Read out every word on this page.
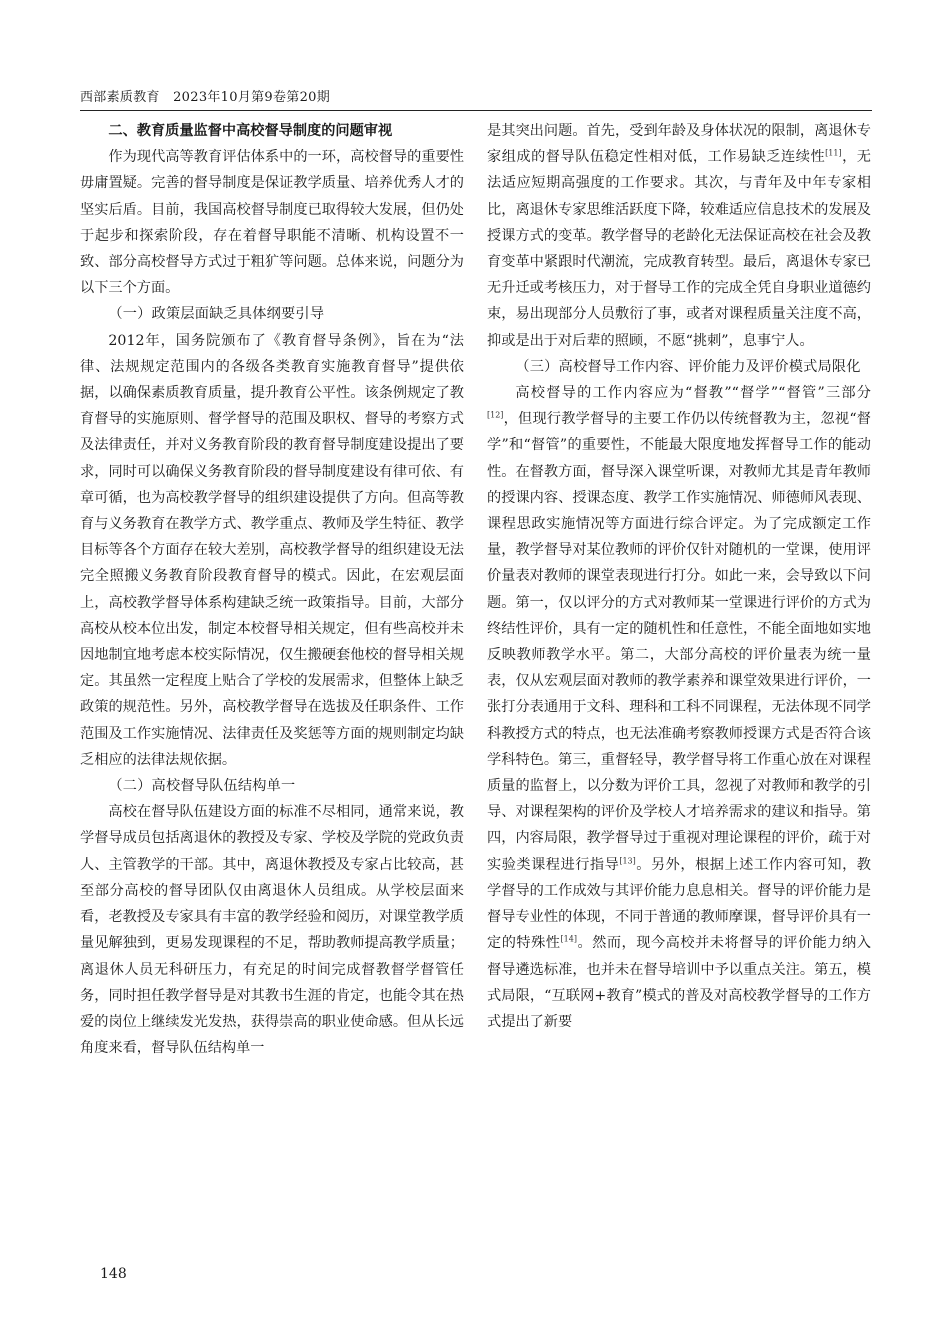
西部素质教育　2023年10月第9卷第20期
二、教育质量监督中高校督导制度的问题审视

作为现代高等教育评估体系中的一环，高校督导的重要性毋庸置疑。完善的督导制度是保证教学质量、培养优秀人才的坚实后盾。目前，我国高校督导制度已取得较大发展，但仍处于起步和探索阶段，存在着督导职能不清晰、机构设置不一致、部分高校督导方式过于粗犷等问题。总体来说，问题分为以下三个方面。

（一）政策层面缺乏具体纲要引导

2012年，国务院颁布了《教育督导条例》，旨在为“法律、法规规定范围内的各级各类教育实施教育督导”提供依据，以确保素质教育质量，提升教育公平性。该条例规定了教育督导的实施原则、督学督导的范围及职权、督导的考察方式及法律责任，并对义务教育阶段的教育督导制度建设提出了要求，同时可以确保义务教育阶段的督导制度建设有律可依、有章可循，也为高校教学督导的组织建设提供了方向。但高等教育与义务教育在教学方式、教学重点、教师及学生特征、教学目标等各个方面存在较大差别，高校教学督导的组织建设无法完全照搬义务教育阶段教育督导的模式。因此，在宏观层面上，高校教学督导体系构建缺乏统一政策指导。目前，大部分高校从校本位出发，制定本校督导相关规定，但有些高校并未因地制宜地考虑本校实际情况，仅生搬硬套他校的督导相关规定。其虽然一定程度上贴合了学校的发展需求，但整体上缺乏政策的规范性。另外，高校教学督导在选拔及任职条件、工作范围及工作实施情况、法律责任及奖惩等方面的规则制定均缺乏相应的法律法规依据。

（二）高校督导队伍结构单一

高校在督导队伍建设方面的标准不尽相同，通常来说，教学督导成员包括离退休的教授及专家、学校及学院的党政负责人、主管教学的干部。其中，离退休教授及专家占比较高，甚至部分高校的督导团队仅由离退休人员组成。从学校层面来看，老教授及专家具有丰富的教学经验和阅历，对课堂教学质量见解独到，更易发现课程的不足，帮助教师提高教学质量；离退休人员无科研压力，有充足的时间完成督教督学督管任务，同时担任教学督导是对其教书生涯的肯定，也能令其在热爱的岗位上继续发光发热，获得崇高的职业使命感。但从长远角度来看，督导队伍结构单一

是其突出问题。首先，受到年龄及身体状况的限制，离退休专家组成的督导队伍稳定性相对低，工作易缺乏连续性[11]，无法适应短期高强度的工作要求。其次，与青年及中年专家相比，离退休专家思维活跃度下降，较难适应信息技术的发展及授课方式的变革。教学督导的老龄化无法保证高校在社会及教育变革中紧跟时代潮流，完成教育转型。最后，离退休专家已无升迁或考核压力，对于督导工作的完成全凭自身职业道德约束，易出现部分人员敷衍了事，或者对课程质量关注度不高，抑或是出于对后辈的照顾，不愿“挑刺”，息事宁人。

（三）高校督导工作内容、评价能力及评价模式局限化

高校督导的工作内容应为“督教”“督学”“督管”三部分[12]，但现行教学督导的主要工作仍以传统督教为主，忽视“督学”和“督管”的重要性，不能最大限度地发挥督导工作的能动性。在督教方面，督导深入课堂听课，对教师尤其是青年教师的授课内容、授课态度、教学工作实施情况、师德师风表现、课程思政实施情况等方面进行综合评定。为了完成额定工作量，教学督导对某位教师的评价仅针对随机的一堂课，使用评价量表对教师的课堂表现进行打分。如此一来，会导致以下问题。第一，仅以评分的方式对教师某一堂课进行评价的方式为终结性评价，具有一定的随机性和任意性，不能全面地如实地反映教师教学水平。第二，大部分高校的评价量表为统一量表，仅从宏观层面对教师的教学素养和课堂效果进行评价，一张打分表通用于文科、理科和工科不同课程，无法体现不同学科教授方式的特点，也无法准确考察教师授课方式是否符合该学科特色。第三，重督轻导，教学督导将工作重心放在对课程质量的监督上，以分数为评价工具，忽视了对教师和教学的引导、对课程架构的评价及学校人才培养需求的建议和指导。第四，内容局限，教学督导过于重视对理论课程的评价，疏于对实验类课程进行指导[13]。另外，根据上述工作内容可知，教学督导的工作成效与其评价能力息息相关。督导的评价能力是督导专业性的体现，不同于普通的教师摩课，督导评价具有一定的特殊性[14]。然而，现今高校并未将督导的评价能力纳入督导遴选标准，也并未在督导培训中予以重点关注。第五，模式局限，“互联网+教育”模式的普及对高校教学督导的工作方式提出了新要

148
